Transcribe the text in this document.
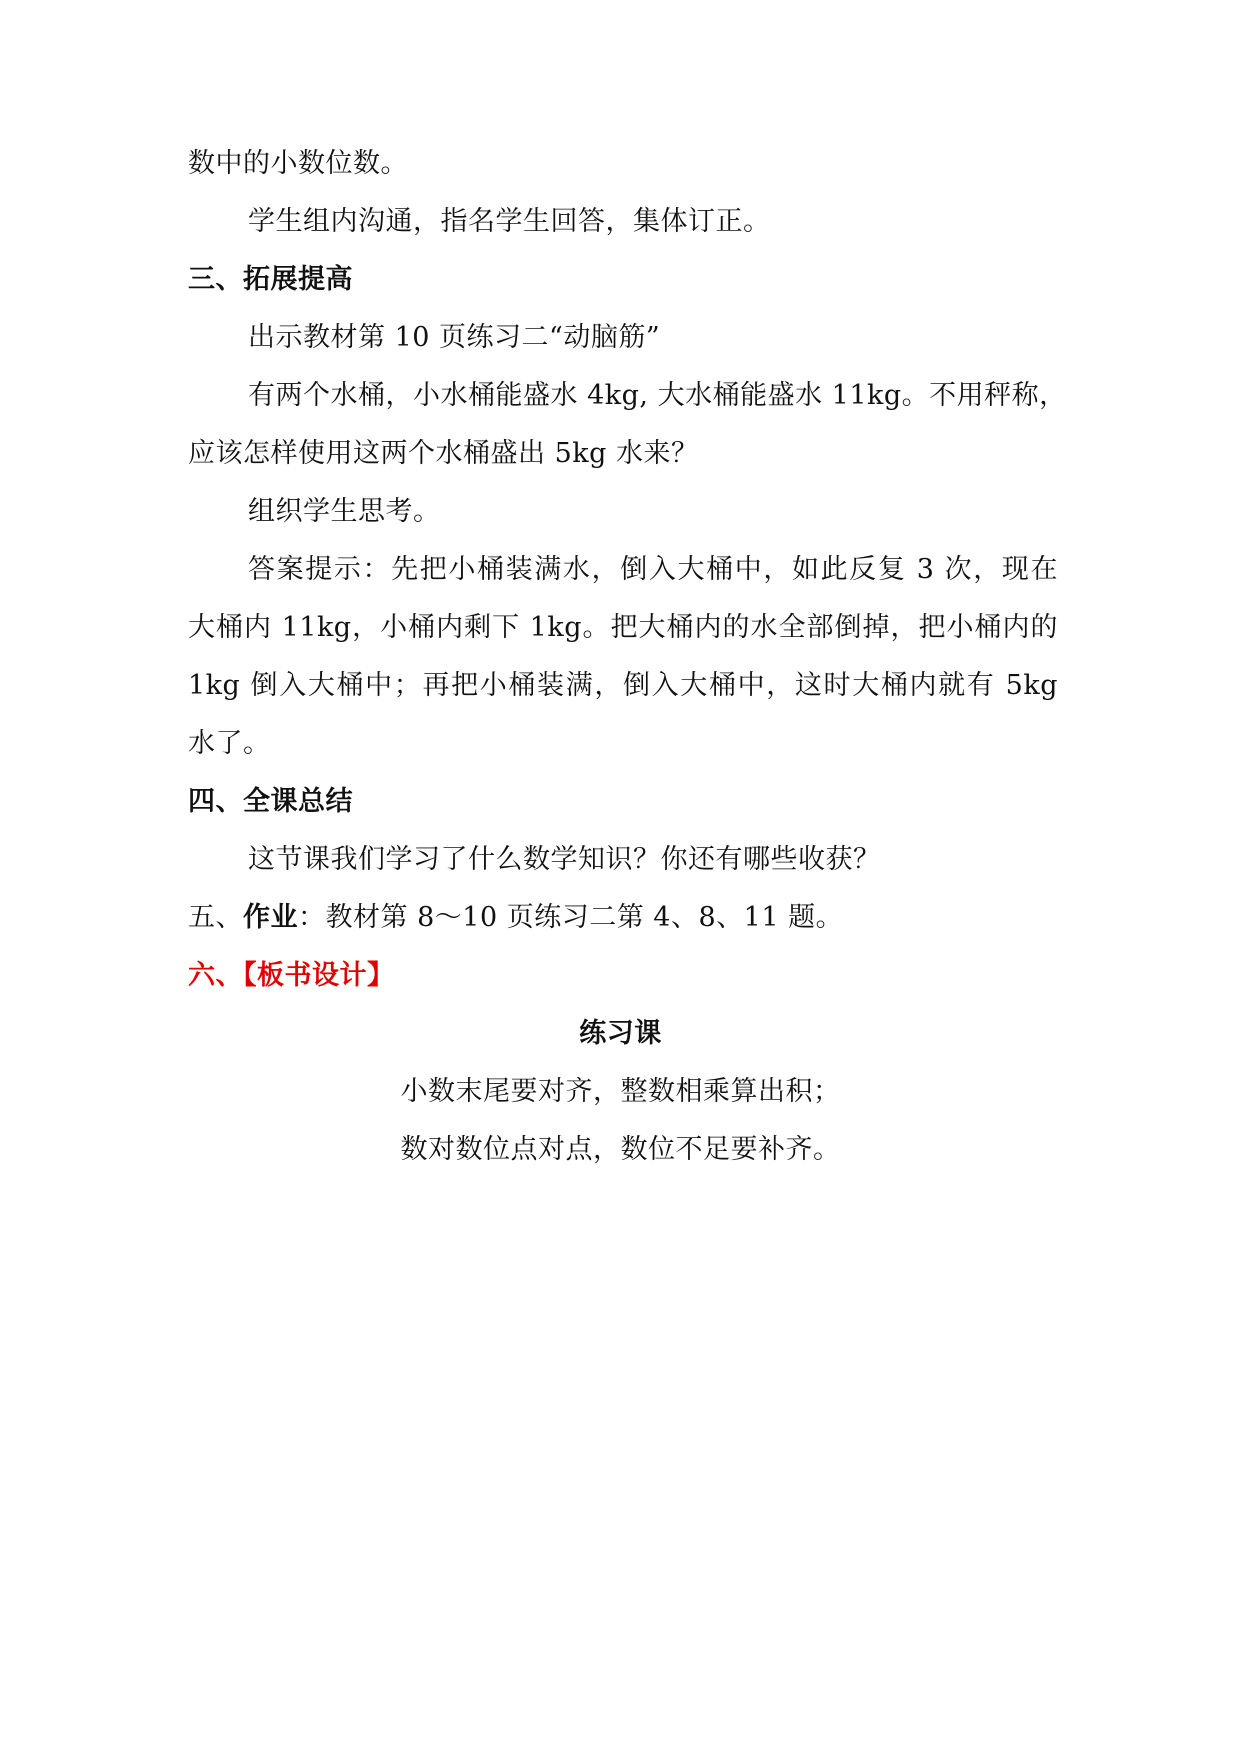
数中的小数位数。
学生组内沟通，指名学生回答，集体订正。
三、拓展提高
出示教材第 10 页练习二“动脑筋”
有两个水桶，小水桶能盛水 4kg, 大水桶能盛水 11kg。不用秤称，
应该怎样使用这两个水桶盛出 5kg 水来？
组织学生思考。
答案提示：先把小桶装满水，倒入大桶中，如此反复 3 次，现在
大桶内 11kg，小桶内剩下 1kg。把大桶内的水全部倒掉，把小桶内的
1kg 倒入大桶中；再把小桶装满，倒入大桶中，这时大桶内就有 5kg
水了。
四、全课总结
这节课我们学习了什么数学知识？你还有哪些收获？
五、作业：教材第 8～10 页练习二第 4、8、11 题。
六、【板书设计】
练习课
小数末尾要对齐，整数相乘算出积；
数对数位点对点，数位不足要补齐。
